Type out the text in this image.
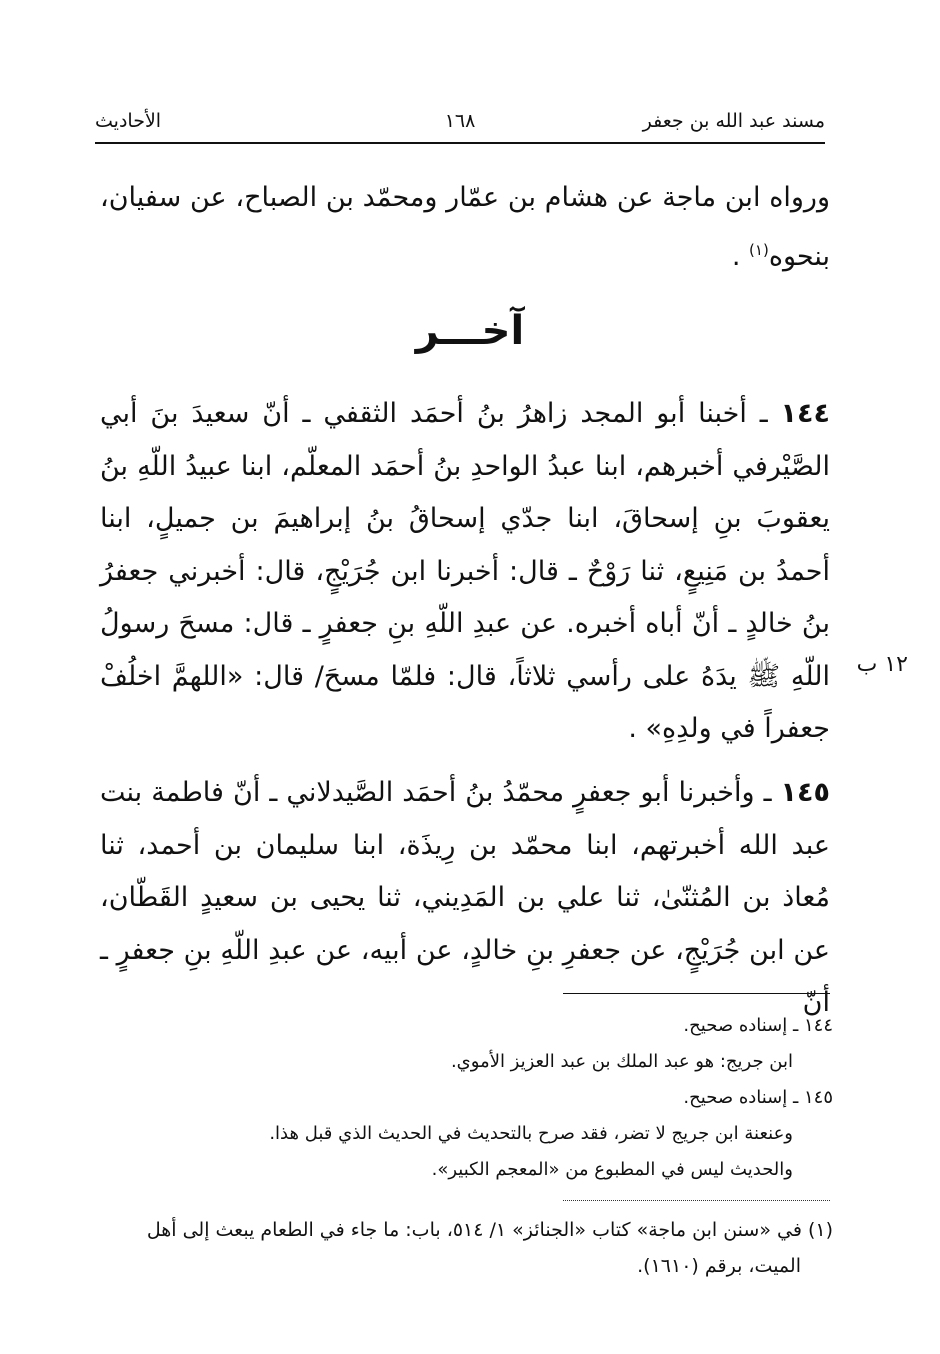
مسند عبد الله بن جعفر
١٦٨
الأحاديث
ورواه ابن ماجة عن هشام بن عمّار ومحمّد بن الصباح، عن سفيان، بنحوه$^{(١)}$ .
آخـــر
١٤٤ ـ أخبنا أبو المجد زاهرُ بنُ أحمَد الثقفي ـ أنّ سعيدَ بنَ أبي الصَّيْرفي أخبرهم، ابنا عبدُ الواحدِ بنُ أحمَد المعلّم، ابنا عبيدُ اللّهِ بنُ يعقوبَ بنِ إسحاقَ، ابنا جدّي إسحاقُ بنُ إبراهيمَ بن جميلٍ، ابنا أحمدُ بن مَنِيعٍ، ثنا رَوْحٌ ـ قال: أخبرنا ابن جُرَيْجٍ، قال: أخبرني جعفرُ بنُ خالدٍ ـ أنّ أباه أخبره. عن عبدِ اللّهِ بنِ جعفرٍ ـ قال: مسحَ رسولُ اللّهِ ﷺ يدَهُ على رأسي ثلاثاً، قال: فلمّا مسحَ/ قال: «اللهمَّ اخلُفْ جعفراً في ولدِهِ» .
١٢ ب
١٤٥ ـ وأخبرنا أبو جعفرٍ محمّدُ بنُ أحمَد الصَّيدلاني ـ أنّ فاطمة بنت عبد الله أخبرتهم، ابنا محمّد بن رِيذَة، ابنا سليمان بن أحمد، ثنا مُعاذ بن المُثنّىٰ، ثنا علي بن المَدِيني، ثنا يحيى بن سعيدٍ القَطّان، عن ابن جُرَيْجٍ، عن جعفرِ بنِ خالدٍ، عن أبيه، عن عبدِ اللّهِ بنِ جعفرٍ ـ أنّ
١٤٤ ـ إسناده صحيح.
ابن جريج: هو عبد الملك بن عبد العزيز الأموي.
١٤٥ ـ إسناده صحيح.
وعنعنة ابن جريج لا تضر، فقد صرح بالتحديث في الحديث الذي قبل هذا.
والحديث ليس في المطبوع من «المعجم الكبير».
(١) في «سنن ابن ماجة» كتاب «الجنائز» ١/ ٥١٤، باب: ما جاء في الطعام يبعث إلى أهل
الميت، برقم (١٦١٠).
